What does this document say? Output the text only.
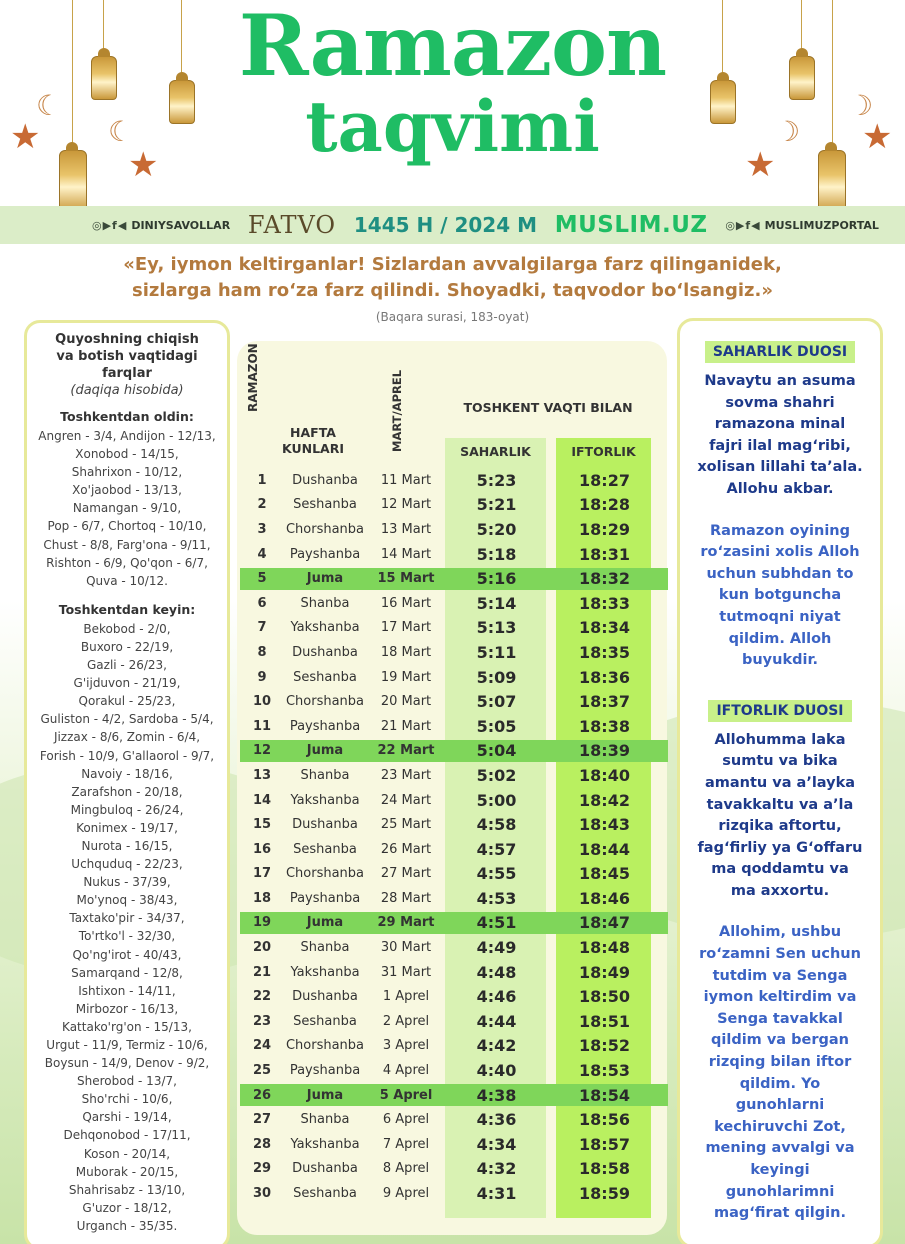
★
★
☾
☾
★
★
☽
☽
Ramazon
taqvimi
◎▶f◀ DINIYSAVOLLAR FATVO 1445 H / 2024 M MUSLIM.UZ ◎▶f◀ MUSLIMUZPORTAL
«Ey, iymon keltirganlar! Sizlardan avvalgilarga farz qilinganidek,
sizlarga ham ro‘za farz qilindi. Shoyadki, taqvodor bo‘lsangiz.»
(Baqara surasi, 183-oyat)
Quyoshning chiqish
va botish vaqtidagi
farqlar
(daqiqa hisobida)
Toshkentdan oldin:
Angren - 3/4, Andijon - 12/13,
Xonobod - 14/15,
Shahrixon - 10/12,
Xo'jaobod - 13/13,
Namangan - 9/10,
Pop - 6/7, Chortoq - 10/10,
Chust - 8/8, Farg'ona - 9/11,
Rishton - 6/9, Qo'qon - 6/7,
Quva - 10/12.
Toshkentdan keyin:
Bekobod - 2/0,
Buxoro - 22/19,
Gazli - 26/23,
G'ijduvon - 21/19,
Qorakul - 25/23,
Guliston - 4/2, Sardoba - 5/4,
Jizzax - 8/6, Zomin - 6/4,
Forish - 10/9, G'allaorol - 9/7,
Navoiy - 18/16,
Zarafshon - 20/18,
Mingbuloq - 26/24,
Konimex - 19/17,
Nurota - 16/15,
Uchquduq - 22/23,
Nukus - 37/39,
Mo'ynoq - 38/43,
Taxtako'pir - 34/37,
To'rtko'l - 32/30,
Qo'ng'irot - 40/43,
Samarqand - 12/8,
Ishtixon - 14/11,
Mirbozor - 16/13,
Kattako'rg'on - 15/13,
Urgut - 11/9, Termiz - 10/6,
Boysun - 14/9, Denov - 9/2,
Sherobod - 13/7,
Sho'rchi - 10/6,
Qarshi - 19/14,
Dehqonobod - 17/11,
Koson - 20/14,
Muborak - 20/15,
Shahrisabz - 13/10,
G'uzor - 18/12,
Urganch - 35/35.
RAMAZON
HAFTA KUNLARI	MART/APREL	TOSHKENT VAQTI BILAN
SAHARLIK	IFTORLIK
1	Dushanba	11 Mart	5:23	18:27
2	Seshanba	12 Mart	5:21	18:28
3	Chorshanba	13 Mart	5:20	18:29
4	Payshanba	14 Mart	5:18	18:31
5	Juma	15 Mart	5:16	18:32
6	Shanba	16 Mart	5:14	18:33
7	Yakshanba	17 Mart	5:13	18:34
8	Dushanba	18 Mart	5:11	18:35
9	Seshanba	19 Mart	5:09	18:36
10	Chorshanba	20 Mart	5:07	18:37
11	Payshanba	21 Mart	5:05	18:38
12	Juma	22 Mart	5:04	18:39
13	Shanba	23 Mart	5:02	18:40
14	Yakshanba	24 Mart	5:00	18:42
15	Dushanba	25 Mart	4:58	18:43
16	Seshanba	26 Mart	4:57	18:44
17	Chorshanba	27 Mart	4:55	18:45
18	Payshanba	28 Mart	4:53	18:46
19	Juma	29 Mart	4:51	18:47
20	Shanba	30 Mart	4:49	18:48
21	Yakshanba	31 Mart	4:48	18:49
22	Dushanba	1 Aprel	4:46	18:50
23	Seshanba	2 Aprel	4:44	18:51
24	Chorshanba	3 Aprel	4:42	18:52
25	Payshanba	4 Aprel	4:40	18:53
26	Juma	5 Aprel	4:38	18:54
27	Shanba	6 Aprel	4:36	18:56
28	Yakshanba	7 Aprel	4:34	18:57
29	Dushanba	8 Aprel	4:32	18:58
30	Seshanba	9 Aprel	4:31	18:59
SAHARLIK DUOSI
Navaytu an asuma
sovma shahri
ramazona minal
fajri ilal mag‘ribi,
xolisan lillahi ta’ala.
Allohu akbar.
Ramazon oyining
ro‘zasini xolis Alloh
uchun subhdan to
kun botguncha
tutmoqni niyat
qildim. Alloh
buyukdir.
IFTORLIK DUOSI
Allohumma laka
sumtu va bika
amantu va a’layka
tavakkaltu va a’la
rizqika aftortu,
fag‘firliy ya G‘offaru
ma qoddamtu va
ma axxortu.
Allohim, ushbu
ro‘zamni Sen uchun
tutdim va Senga
iymon keltirdim va
Senga tavakkal
qildim va bergan
rizqing bilan iftor
qildim. Yo
gunohlarni
kechiruvchi Zot,
mening avvalgi va
keyingi
gunohlarimni
mag‘firat qilgin.
